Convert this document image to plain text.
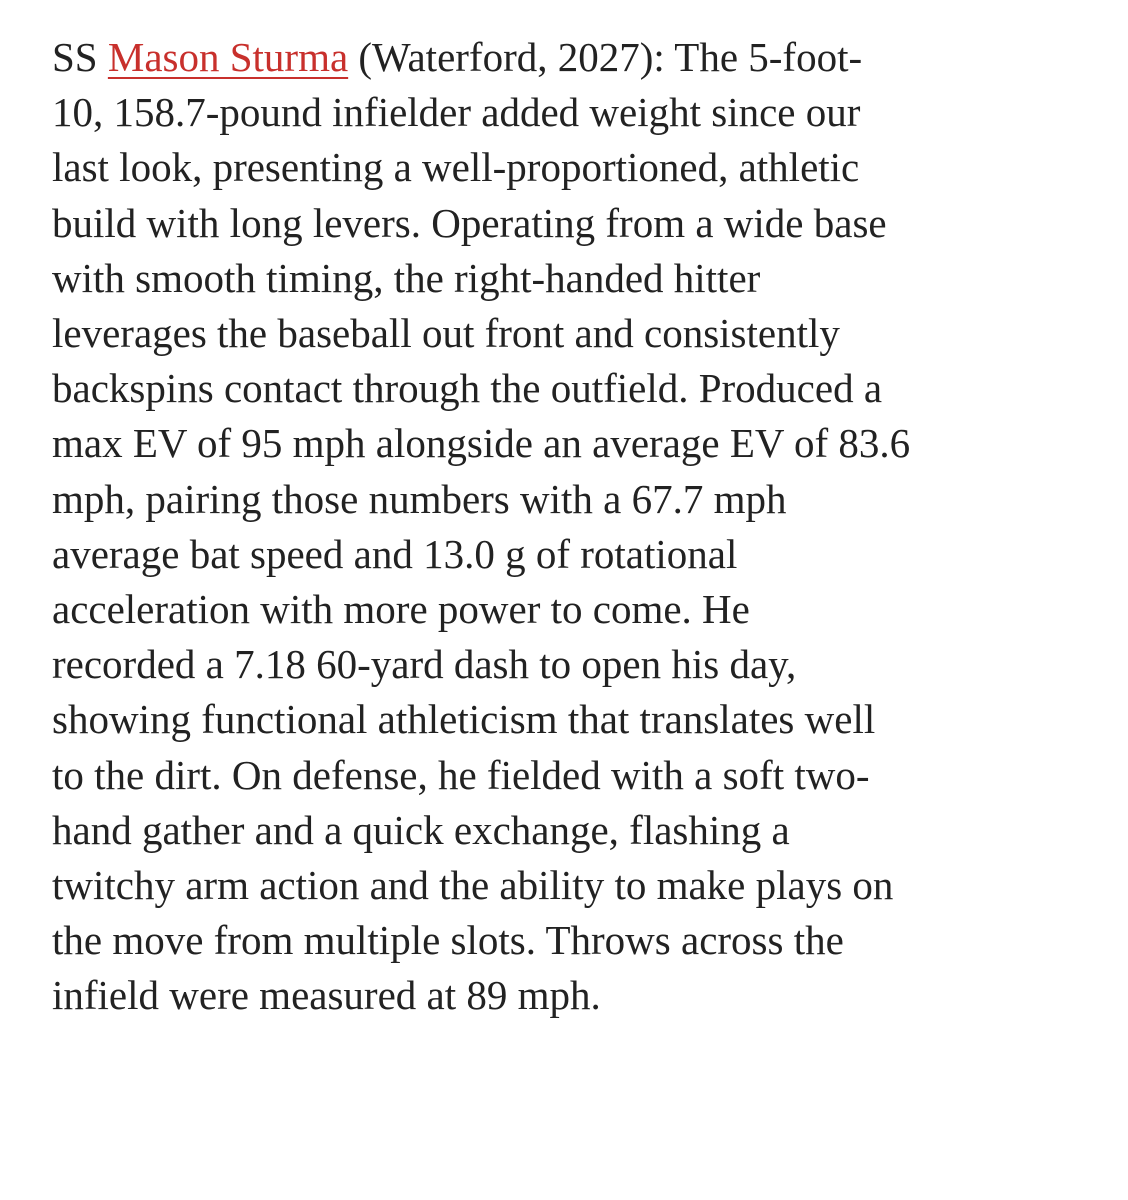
SS Mason Sturma (Waterford, 2027): The 5-foot-
10, 158.7-pound infielder added weight since our
last look, presenting a well-proportioned, athletic
build with long levers. Operating from a wide base
with smooth timing, the right-handed hitter
leverages the baseball out front and consistently
backspins contact through the outfield. Produced a
max EV of 95 mph alongside an average EV of 83.6
mph, pairing those numbers with a 67.7 mph
average bat speed and 13.0 g of rotational
acceleration with more power to come. He
recorded a 7.18 60-yard dash to open his day,
showing functional athleticism that translates well
to the dirt. On defense, he fielded with a soft two-
hand gather and a quick exchange, flashing a
twitchy arm action and the ability to make plays on
the move from multiple slots. Throws across the
infield were measured at 89 mph.
